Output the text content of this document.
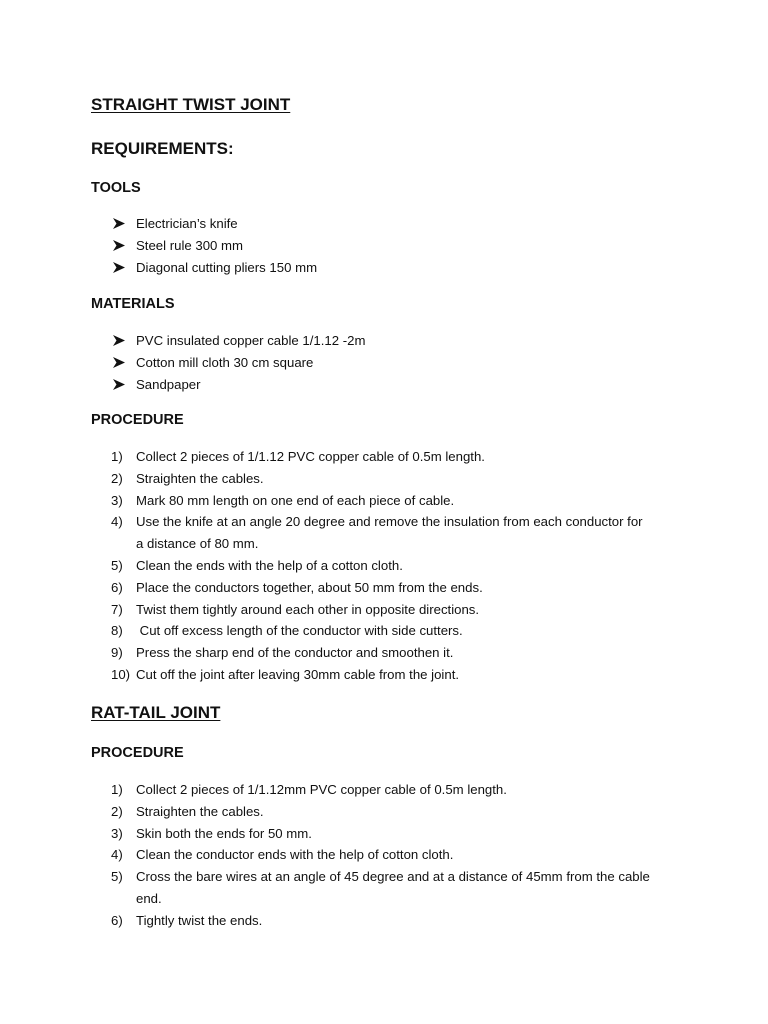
STRAIGHT TWIST JOINT
REQUIREMENTS:
TOOLS
Electrician’s knife
Steel rule 300 mm
Diagonal cutting pliers 150 mm
MATERIALS
PVC insulated copper cable 1/1.12 -2m
Cotton mill cloth 30 cm square
Sandpaper
PROCEDURE
1) Collect 2 pieces of 1/1.12 PVC copper cable of 0.5m length.
2) Straighten the cables.
3) Mark 80 mm length on one end of each piece of cable.
4) Use the knife at an angle 20 degree and remove the insulation from each conductor for
a distance of 80 mm.
5) Clean the ends with the help of a cotton cloth.
6) Place the conductors together, about 50 mm from the ends.
7) Twist them tightly around each other in opposite directions.
8) Cut off excess length of the conductor with side cutters.
9) Press the sharp end of the conductor and smoothen it.
10) Cut off the joint after leaving 30mm cable from the joint.
RAT-TAIL JOINT
PROCEDURE
1) Collect 2 pieces of 1/1.12mm PVC copper cable of 0.5m length.
2) Straighten the cables.
3) Skin both the ends for 50 mm.
4) Clean the conductor ends with the help of cotton cloth.
5) Cross the bare wires at an angle of 45 degree and at a distance of 45mm from the cable
end.
6) Tightly twist the ends.
